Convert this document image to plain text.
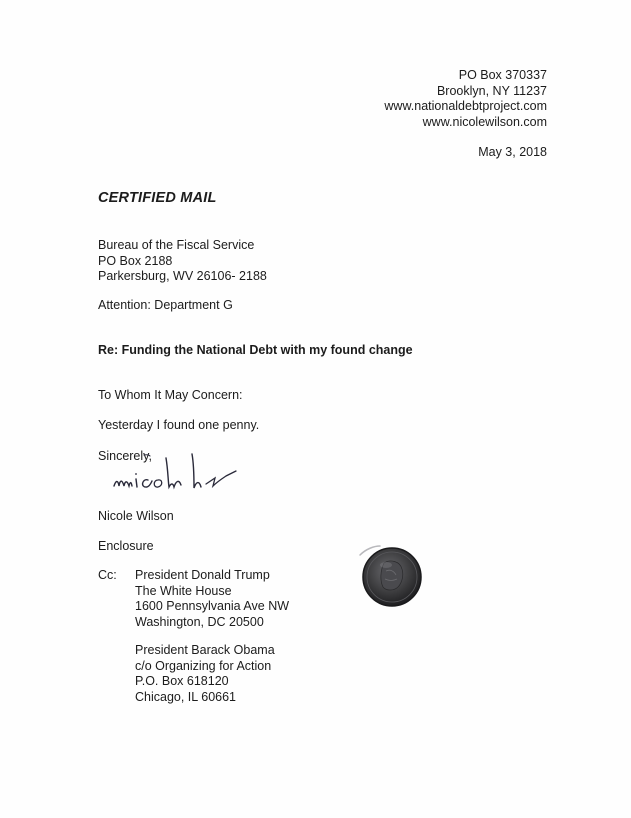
PO Box 370337
Brooklyn, NY 11237
www.nationaldebtproject.com
www.nicolewilson.com
May 3, 2018
CERTIFIED MAIL
Bureau of the Fiscal Service
PO Box 2188
Parkersburg, WV 26106- 2188
Attention: Department G
Re: Funding the National Debt with my found change
To Whom It May Concern:
Yesterday I found one penny.
Sincerely,
Nicole Wilson
Enclosure
Cc: President Donald Trump
The White House
1600 Pennsylvania Ave NW
Washington, DC 20500
President Barack Obama
c/o Organizing for Action
P.O. Box 618120
Chicago, IL 60661
